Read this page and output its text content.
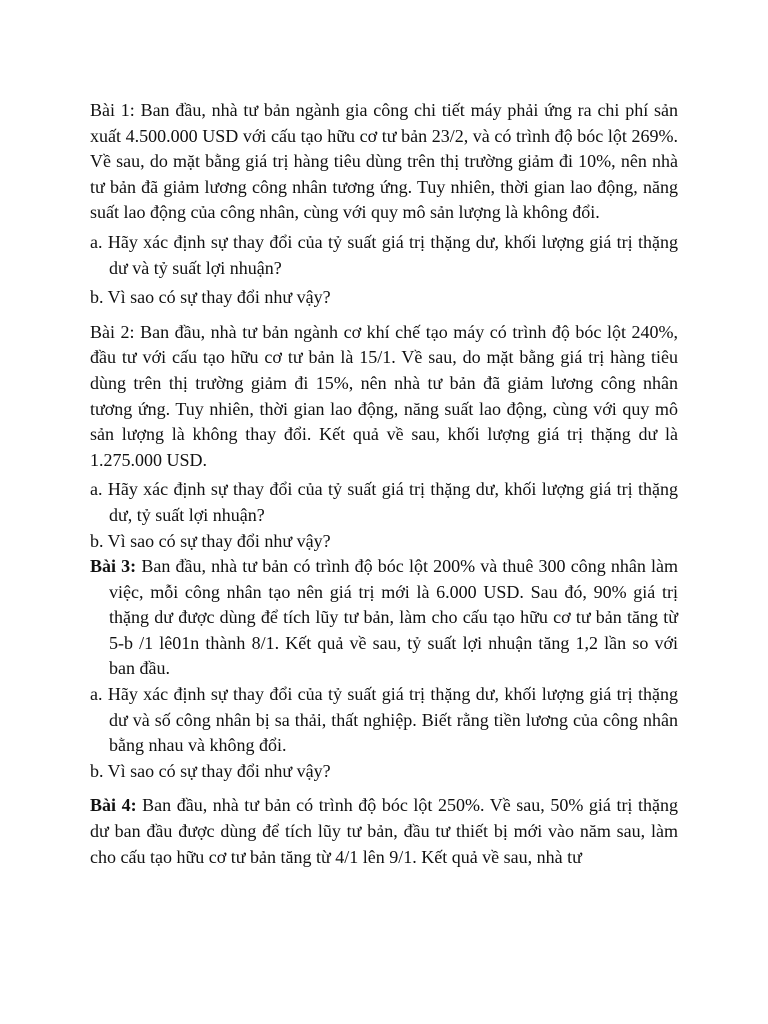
Bài 1: Ban đầu, nhà tư bản ngành gia công chi tiết máy phải ứng ra chi phí sản xuất 4.500.000 USD với cấu tạo hữu cơ tư bản 23/2, và có trình độ bóc lột 269%. Về sau, do mặt bằng giá trị hàng tiêu dùng trên thị trường giảm đi 10%, nên nhà tư bản đã giảm lương công nhân tương ứng. Tuy nhiên, thời gian lao động, năng suất lao động của công nhân, cùng với quy mô sản lượng là không đổi.

a. Hãy xác định sự thay đổi của tỷ suất giá trị thặng dư, khối lượng giá trị thặng dư và tỷ suất lợi nhuận?

b. Vì sao có sự thay đổi như vậy?

Bài 2: Ban đầu, nhà tư bản ngành cơ khí chế tạo máy có trình độ bóc lột 240%, đầu tư với cấu tạo hữu cơ tư bản là 15/1. Về sau, do mặt bằng giá trị hàng tiêu dùng trên thị trường giảm đi 15%, nên nhà tư bản đã giảm lương công nhân tương ứng. Tuy nhiên, thời gian lao động, năng suất lao động, cùng với quy mô sản lượng là không thay đổi. Kết quả về sau, khối lượng giá trị thặng dư là 1.275.000 USD.

a. Hãy xác định sự thay đổi của tỷ suất giá trị thặng dư, khối lượng giá trị thặng dư, tỷ suất lợi nhuận?

b. Vì sao có sự thay đổi như vậy?

Bài 3: Ban đầu, nhà tư bản có trình độ bóc lột 200% và thuê 300 công nhân làm việc, mỗi công nhân tạo nên giá trị mới là 6.000 USD. Sau đó, 90% giá trị thặng dư được dùng để tích lũy tư bản, làm cho cấu tạo hữu cơ tư bản tăng từ 5-b /1 lê01n thành 8/1. Kết quả về sau, tỷ suất lợi nhuận tăng 1,2 lần so với ban đầu.

a. Hãy xác định sự thay đổi của tỷ suất giá trị thặng dư, khối lượng giá trị thặng dư và số công nhân bị sa thải, thất nghiệp. Biết rằng tiền lương của công nhân bằng nhau và không đổi.

b. Vì sao có sự thay đổi như vậy?

Bài 4: Ban đầu, nhà tư bản có trình độ bóc lột 250%. Về sau, 50% giá trị thặng dư ban đầu được dùng để tích lũy tư bản, đầu tư thiết bị mới vào năm sau, làm cho cấu tạo hữu cơ tư bản tăng từ 4/1 lên 9/1. Kết quả về sau, nhà tư
